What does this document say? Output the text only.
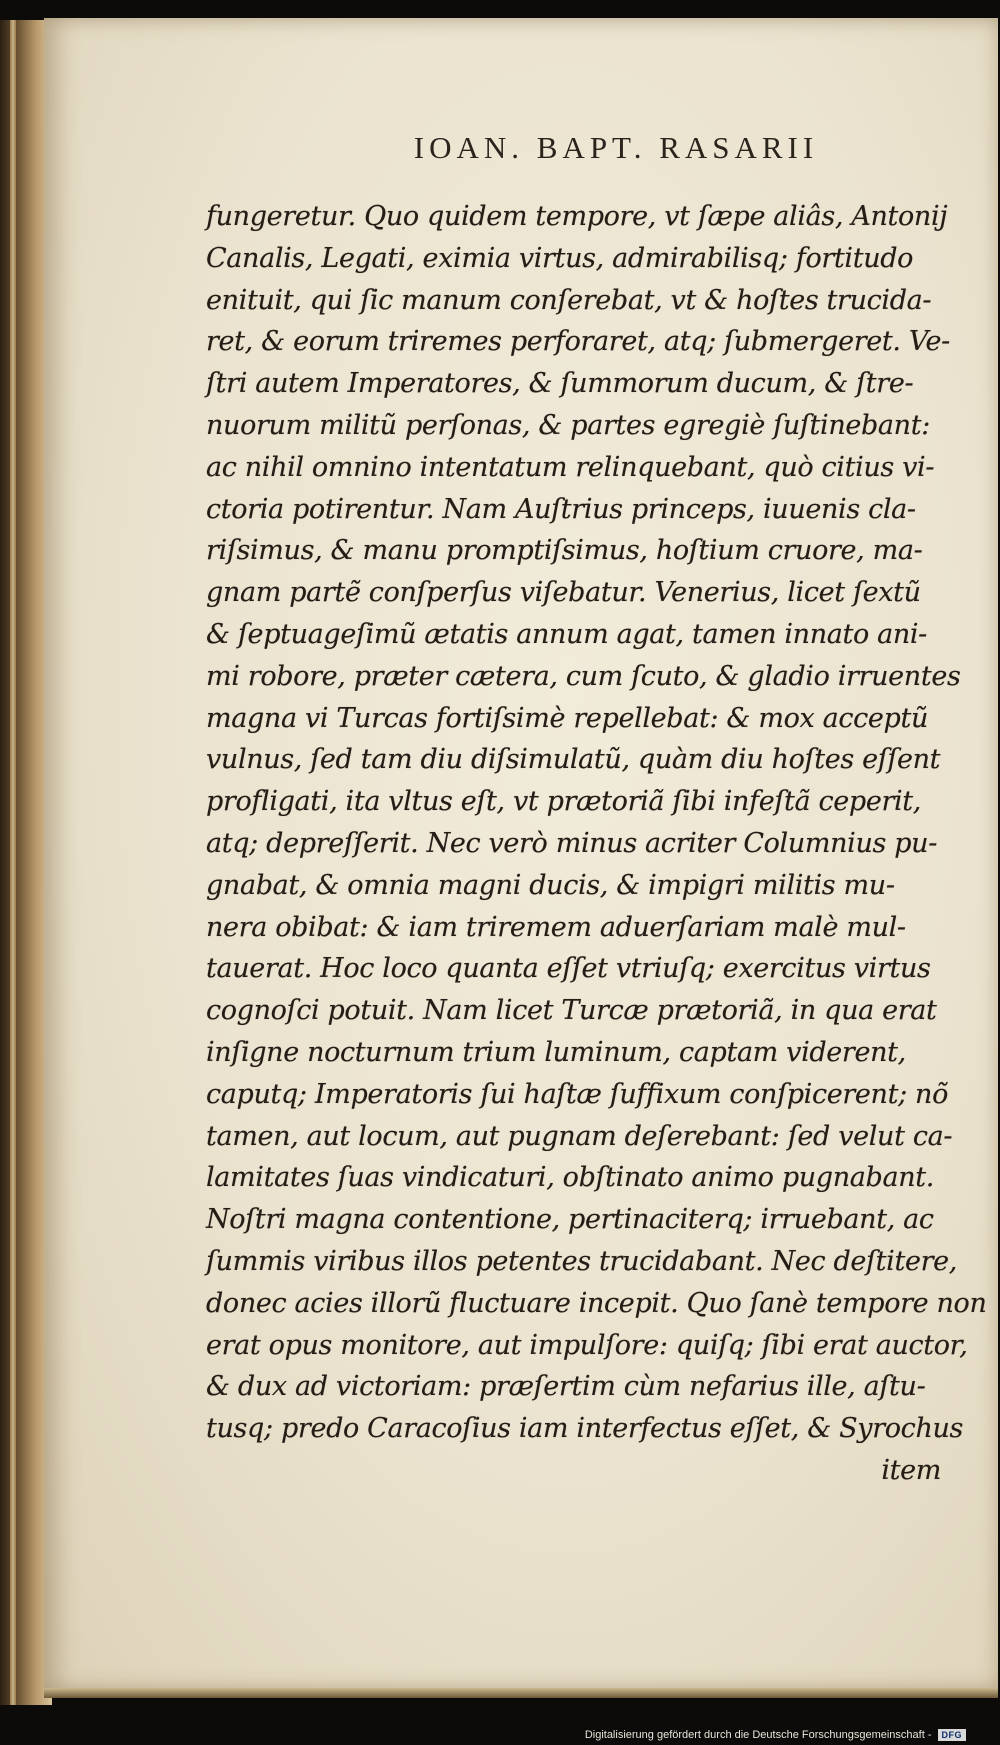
IOAN. BAPT. RASARII
fungeretur. Quo quidem tempore, vt ſæpe aliâs, Antonij
Canalis, Legati, eximia virtus, admirabilisq; fortitudo
enituit, qui ſic manum conſerebat, vt & hoſtes trucida-
ret, & eorum triremes perforaret, atq; ſubmergeret. Ve-
ſtri autem Imperatores, & ſummorum ducum, & ſtre-
nuorum militũ perſonas, & partes egregiè ſuſtinebant:
ac nihil omnino intentatum relinquebant, quò citius vi-
ctoria potirentur. Nam Auſtrius princeps, iuuenis cla-
riſsimus, & manu promptiſsimus, hoſtium cruore, ma-
gnam partẽ conſperſus viſebatur. Venerius, licet ſextũ
& ſeptuageſimũ ætatis annum agat, tamen innato ani-
mi robore, præter cætera, cum ſcuto, & gladio irruentes
magna vi Turcas fortiſsimè repellebat: & mox acceptũ
vulnus, ſed tam diu diſsimulatũ, quàm diu hoſtes eſſent
profligati, ita vltus eſt, vt prætoriã ſibi infeſtã ceperit,
atq; depreſſerit. Nec verò minus acriter Columnius pu-
gnabat, & omnia magni ducis, & impigri militis mu-
nera obibat: & iam triremem aduerſariam malè mul-
tauerat. Hoc loco quanta eſſet vtriuſq; exercitus virtus
cognoſci potuit. Nam licet Turcæ prætoriã, in qua erat
inſigne nocturnum trium luminum, captam viderent,
caputq; Imperatoris ſui haſtæ ſuffixum conſpicerent; nõ
tamen, aut locum, aut pugnam deſerebant: ſed velut ca-
lamitates ſuas vindicaturi, obſtinato animo pugnabant.
Noſtri magna contentione, pertinaciterq; irruebant, ac
ſummis viribus illos petentes trucidabant. Nec deſtitere,
donec acies illorũ fluctuare incepit. Quo ſanè tempore non
erat opus monitore, aut impulſore: quiſq; ſibi erat auctor,
& dux ad victoriam: præſertim cùm nefarius ille, aſtu-
tusq; predo Caracoſius iam interfectus eſſet, & Syrochus
item
Digitalisierung gefördert durch die Deutsche Forschungsgemeinschaft -	DFG
